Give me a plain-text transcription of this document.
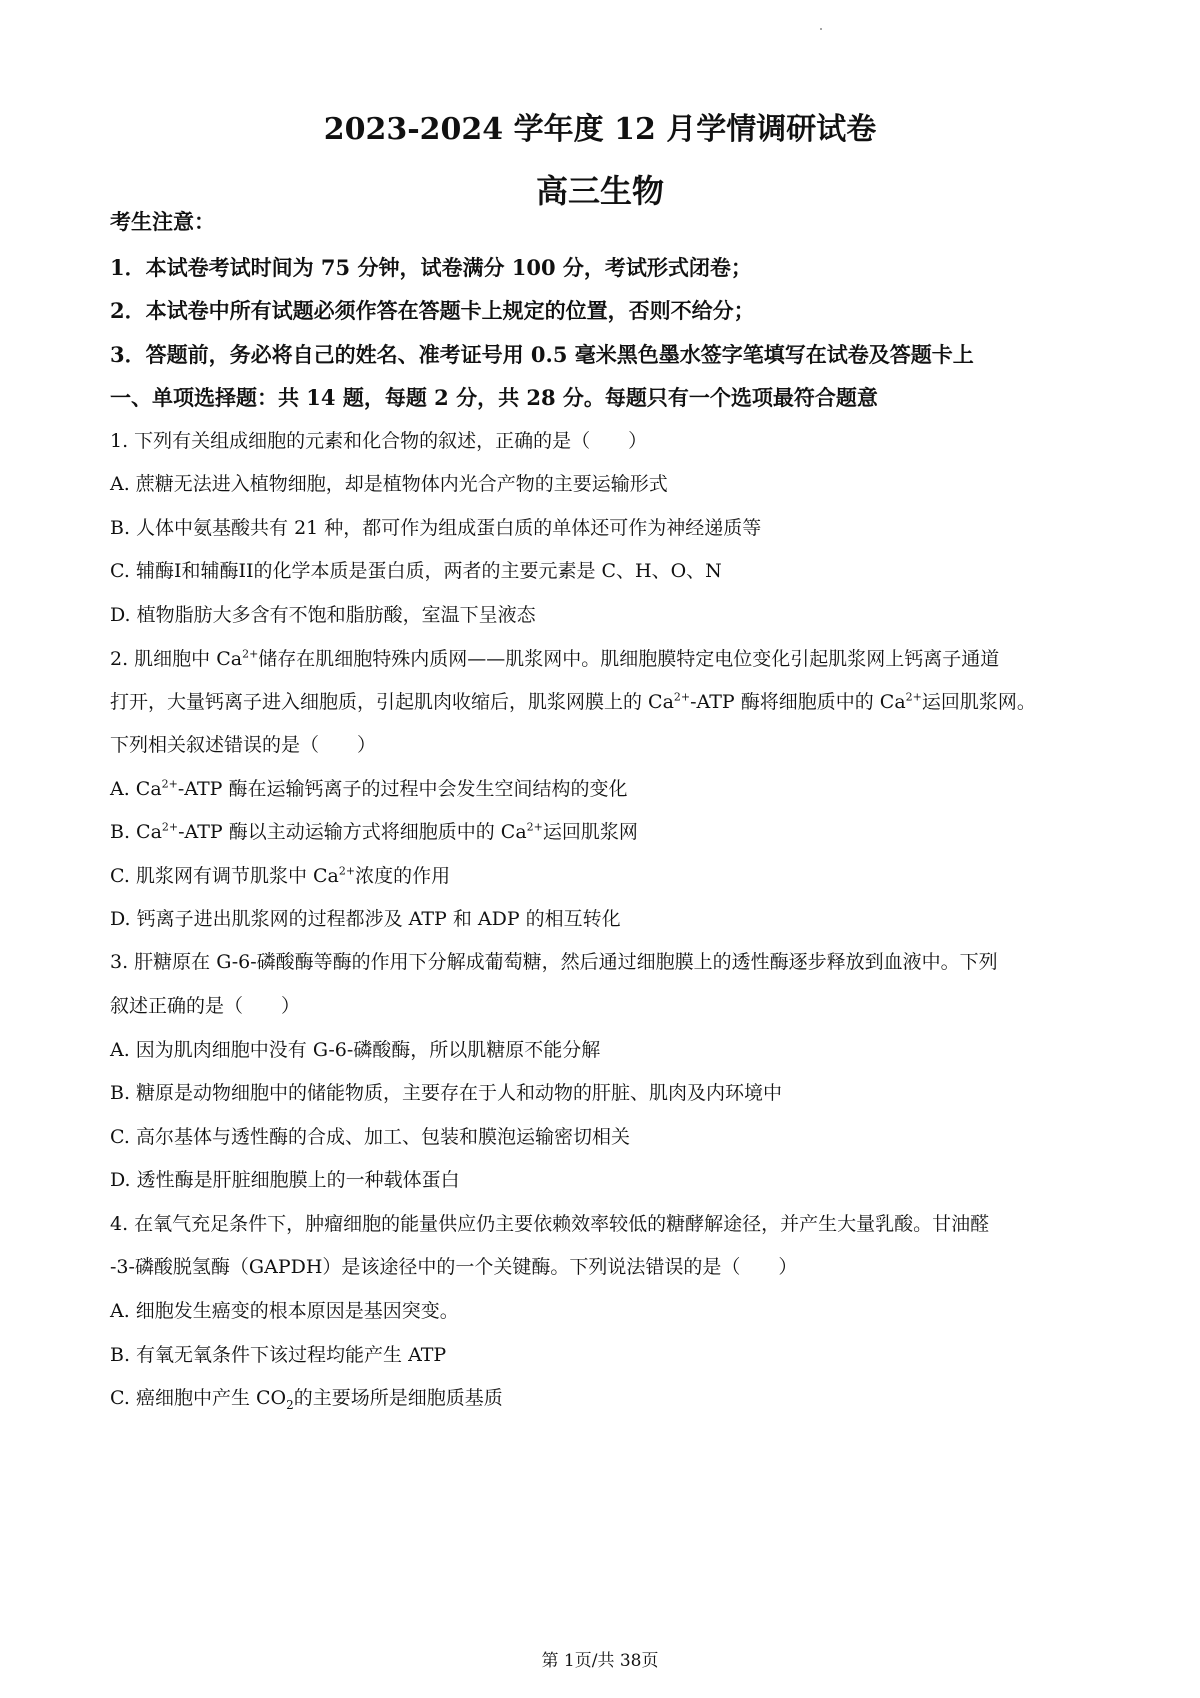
2023-2024 学年度 12 月学情调研试卷
高三生物
考生注意：
1．本试卷考试时间为 75 分钟，试卷满分 100 分，考试形式闭卷；
2．本试卷中所有试题必须作答在答题卡上规定的位置，否则不给分；
3．答题前，务必将自己的姓名、准考证号用 0.5 毫米黑色墨水签字笔填写在试卷及答题卡上
一、单项选择题：共 14 题，每题 2 分，共 28 分。每题只有一个选项最符合题意
1. 下列有关组成细胞的元素和化合物的叙述，正确的是（　　）
A. 蔗糖无法进入植物细胞，却是植物体内光合产物的主要运输形式
B. 人体中氨基酸共有 21 种，都可作为组成蛋白质的单体还可作为神经递质等
C. 辅酶I和辅酶II的化学本质是蛋白质，两者的主要元素是 C、H、O、N
D. 植物脂肪大多含有不饱和脂肪酸，室温下呈液态
2. 肌细胞中 $Ca^{2+}$储存在肌细胞特殊内质网——肌浆网中。肌细胞膜特定电位变化引起肌浆网上钙离子通道
打开，大量钙离子进入细胞质，引起肌肉收缩后，肌浆网膜上的 $Ca^{2+}$-ATP 酶将细胞质中的 $Ca^{2+}$运回肌浆网。
下列相关叙述错误的是（　　）
A. $Ca^{2+}$-ATP 酶在运输钙离子的过程中会发生空间结构的变化
B. $Ca^{2+}$-ATP 酶以主动运输方式将细胞质中的 $Ca^{2+}$运回肌浆网
C. 肌浆网有调节肌浆中 $Ca^{2+}$浓度的作用
D. 钙离子进出肌浆网的过程都涉及 ATP 和 ADP 的相互转化
3. 肝糖原在 G-6-磷酸酶等酶的作用下分解成葡萄糖，然后通过细胞膜上的透性酶逐步释放到血液中。下列
叙述正确的是（　　）
A. 因为肌肉细胞中没有 G-6-磷酸酶，所以肌糖原不能分解
B. 糖原是动物细胞中的储能物质，主要存在于人和动物的肝脏、肌肉及内环境中
C. 高尔基体与透性酶的合成、加工、包装和膜泡运输密切相关
D. 透性酶是肝脏细胞膜上的一种载体蛋白
4. 在氧气充足条件下，肿瘤细胞的能量供应仍主要依赖效率较低的糖酵解途径，并产生大量乳酸。甘油醛
-3-磷酸脱氢酶（GAPDH）是该途径中的一个关键酶。下列说法错误的是（　　）
A. 细胞发生癌变的根本原因是基因突变。
B. 有氧无氧条件下该过程均能产生 ATP
C. 癌细胞中产生 $CO_2$的主要场所是细胞质基质
第 1页/共 38页
